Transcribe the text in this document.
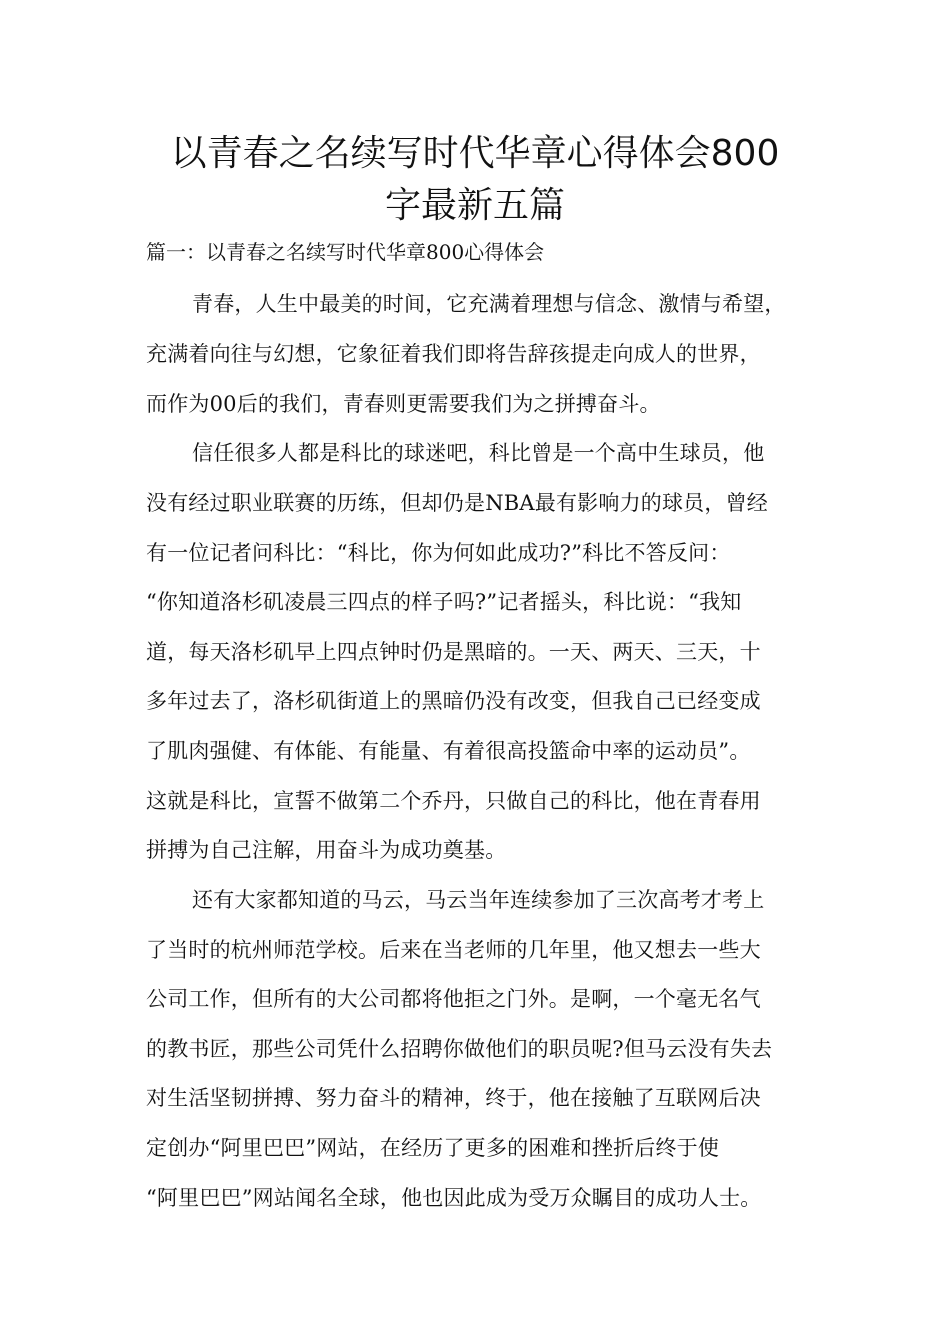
以青春之名续写时代华章心得体会800
字最新五篇
篇一：以青春之名续写时代华章800心得体会
青春，人生中最美的时间，它充满着理想与信念、激情与希望，
充满着向往与幻想，它象征着我们即将告辞孩提走向成人的世界，
而作为00后的我们，青春则更需要我们为之拼搏奋斗。
信任很多人都是科比的球迷吧，科比曾是一个高中生球员，他
没有经过职业联赛的历练，但却仍是NBA最有影响力的球员，曾经
有一位记者问科比：“科比，你为何如此成功?”科比不答反问：
“你知道洛杉矶凌晨三四点的样子吗?”记者摇头，科比说：“我知
道，每天洛杉矶早上四点钟时仍是黑暗的。一天、两天、三天，十
多年过去了，洛杉矶街道上的黑暗仍没有改变，但我自己已经变成
了肌肉强健、有体能、有能量、有着很高投篮命中率的运动员”。
这就是科比，宣誓不做第二个乔丹，只做自己的科比，他在青春用
拼搏为自己注解，用奋斗为成功奠基。
还有大家都知道的马云，马云当年连续参加了三次高考才考上
了当时的杭州师范学校。后来在当老师的几年里，他又想去一些大
公司工作，但所有的大公司都将他拒之门外。是啊，一个毫无名气
的教书匠，那些公司凭什么招聘你做他们的职员呢?但马云没有失去
对生活坚韧拼搏、努力奋斗的精神，终于，他在接触了互联网后决
定创办“阿里巴巴”网站，在经历了更多的困难和挫折后终于使
“阿里巴巴”网站闻名全球，他也因此成为受万众瞩目的成功人士。
